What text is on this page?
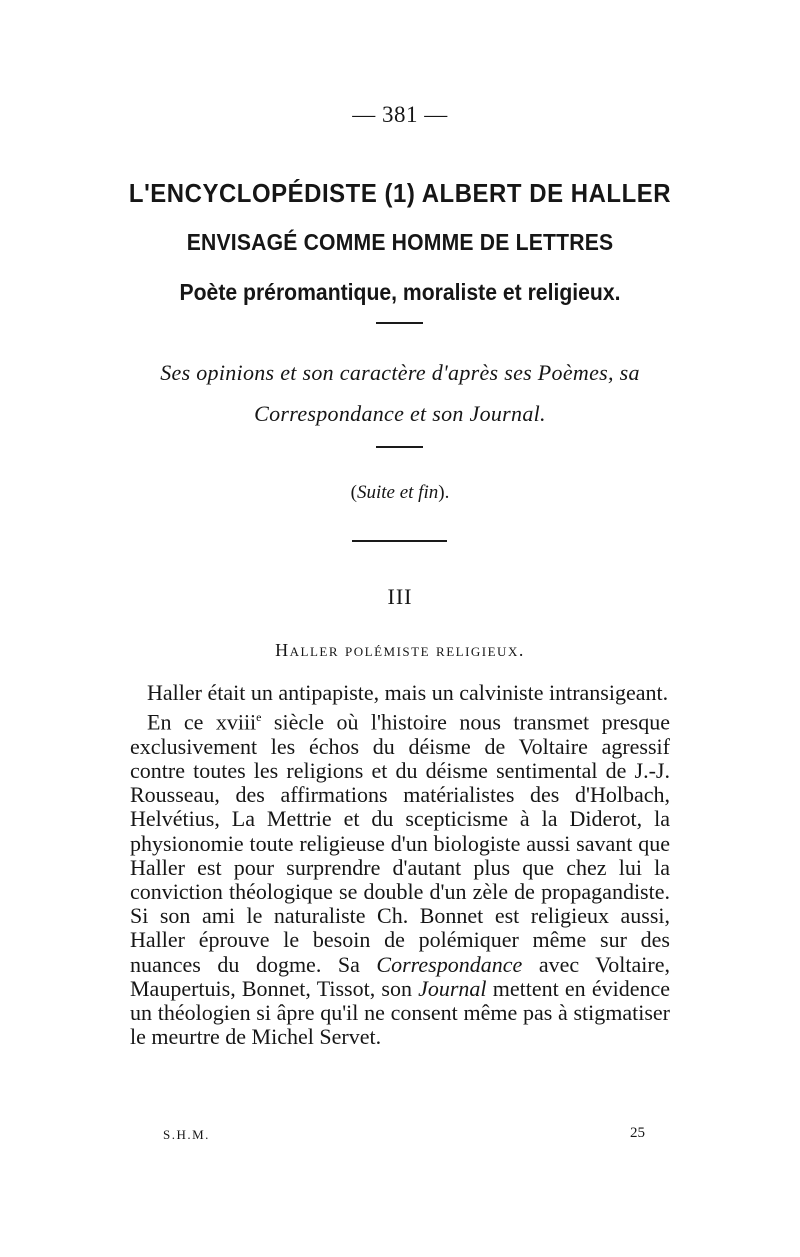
— 381 —
L'ENCYCLOPÉDISTE (1) ALBERT DE HALLER
ENVISAGÉ COMME HOMME DE LETTRES
Poète préromantique, moraliste et religieux.
Ses opinions et son caractère d'après ses Poèmes, sa
Correspondance et son Journal.
(Suite et fin).
III
Haller polémiste religieux.

Haller était un antipapiste, mais un calviniste intransigeant.

En ce xviii$^e$ siècle où l'histoire nous transmet presque exclusivement les échos du déisme de Voltaire agressif contre toutes les religions et du déisme sentimental de J.-J. Rousseau, des affirmations matérialistes des d'Holbach, Helvétius, La Mettrie et du scepticisme à la Diderot, la physionomie toute religieuse d'un biologiste aussi savant que Haller est pour surprendre d'autant plus que chez lui la conviction théologique se double d'un zèle de propagandiste. Si son ami le naturaliste Ch. Bonnet est religieux aussi, Haller éprouve le besoin de polémiquer même sur des nuances du dogme. Sa Correspondance avec Voltaire, Maupertuis, Bonnet, Tissot, son Journal mettent en évidence un théologien si âpre qu'il ne consent même pas à stigmatiser le meurtre de Michel Servet.

S.H.M.	25
